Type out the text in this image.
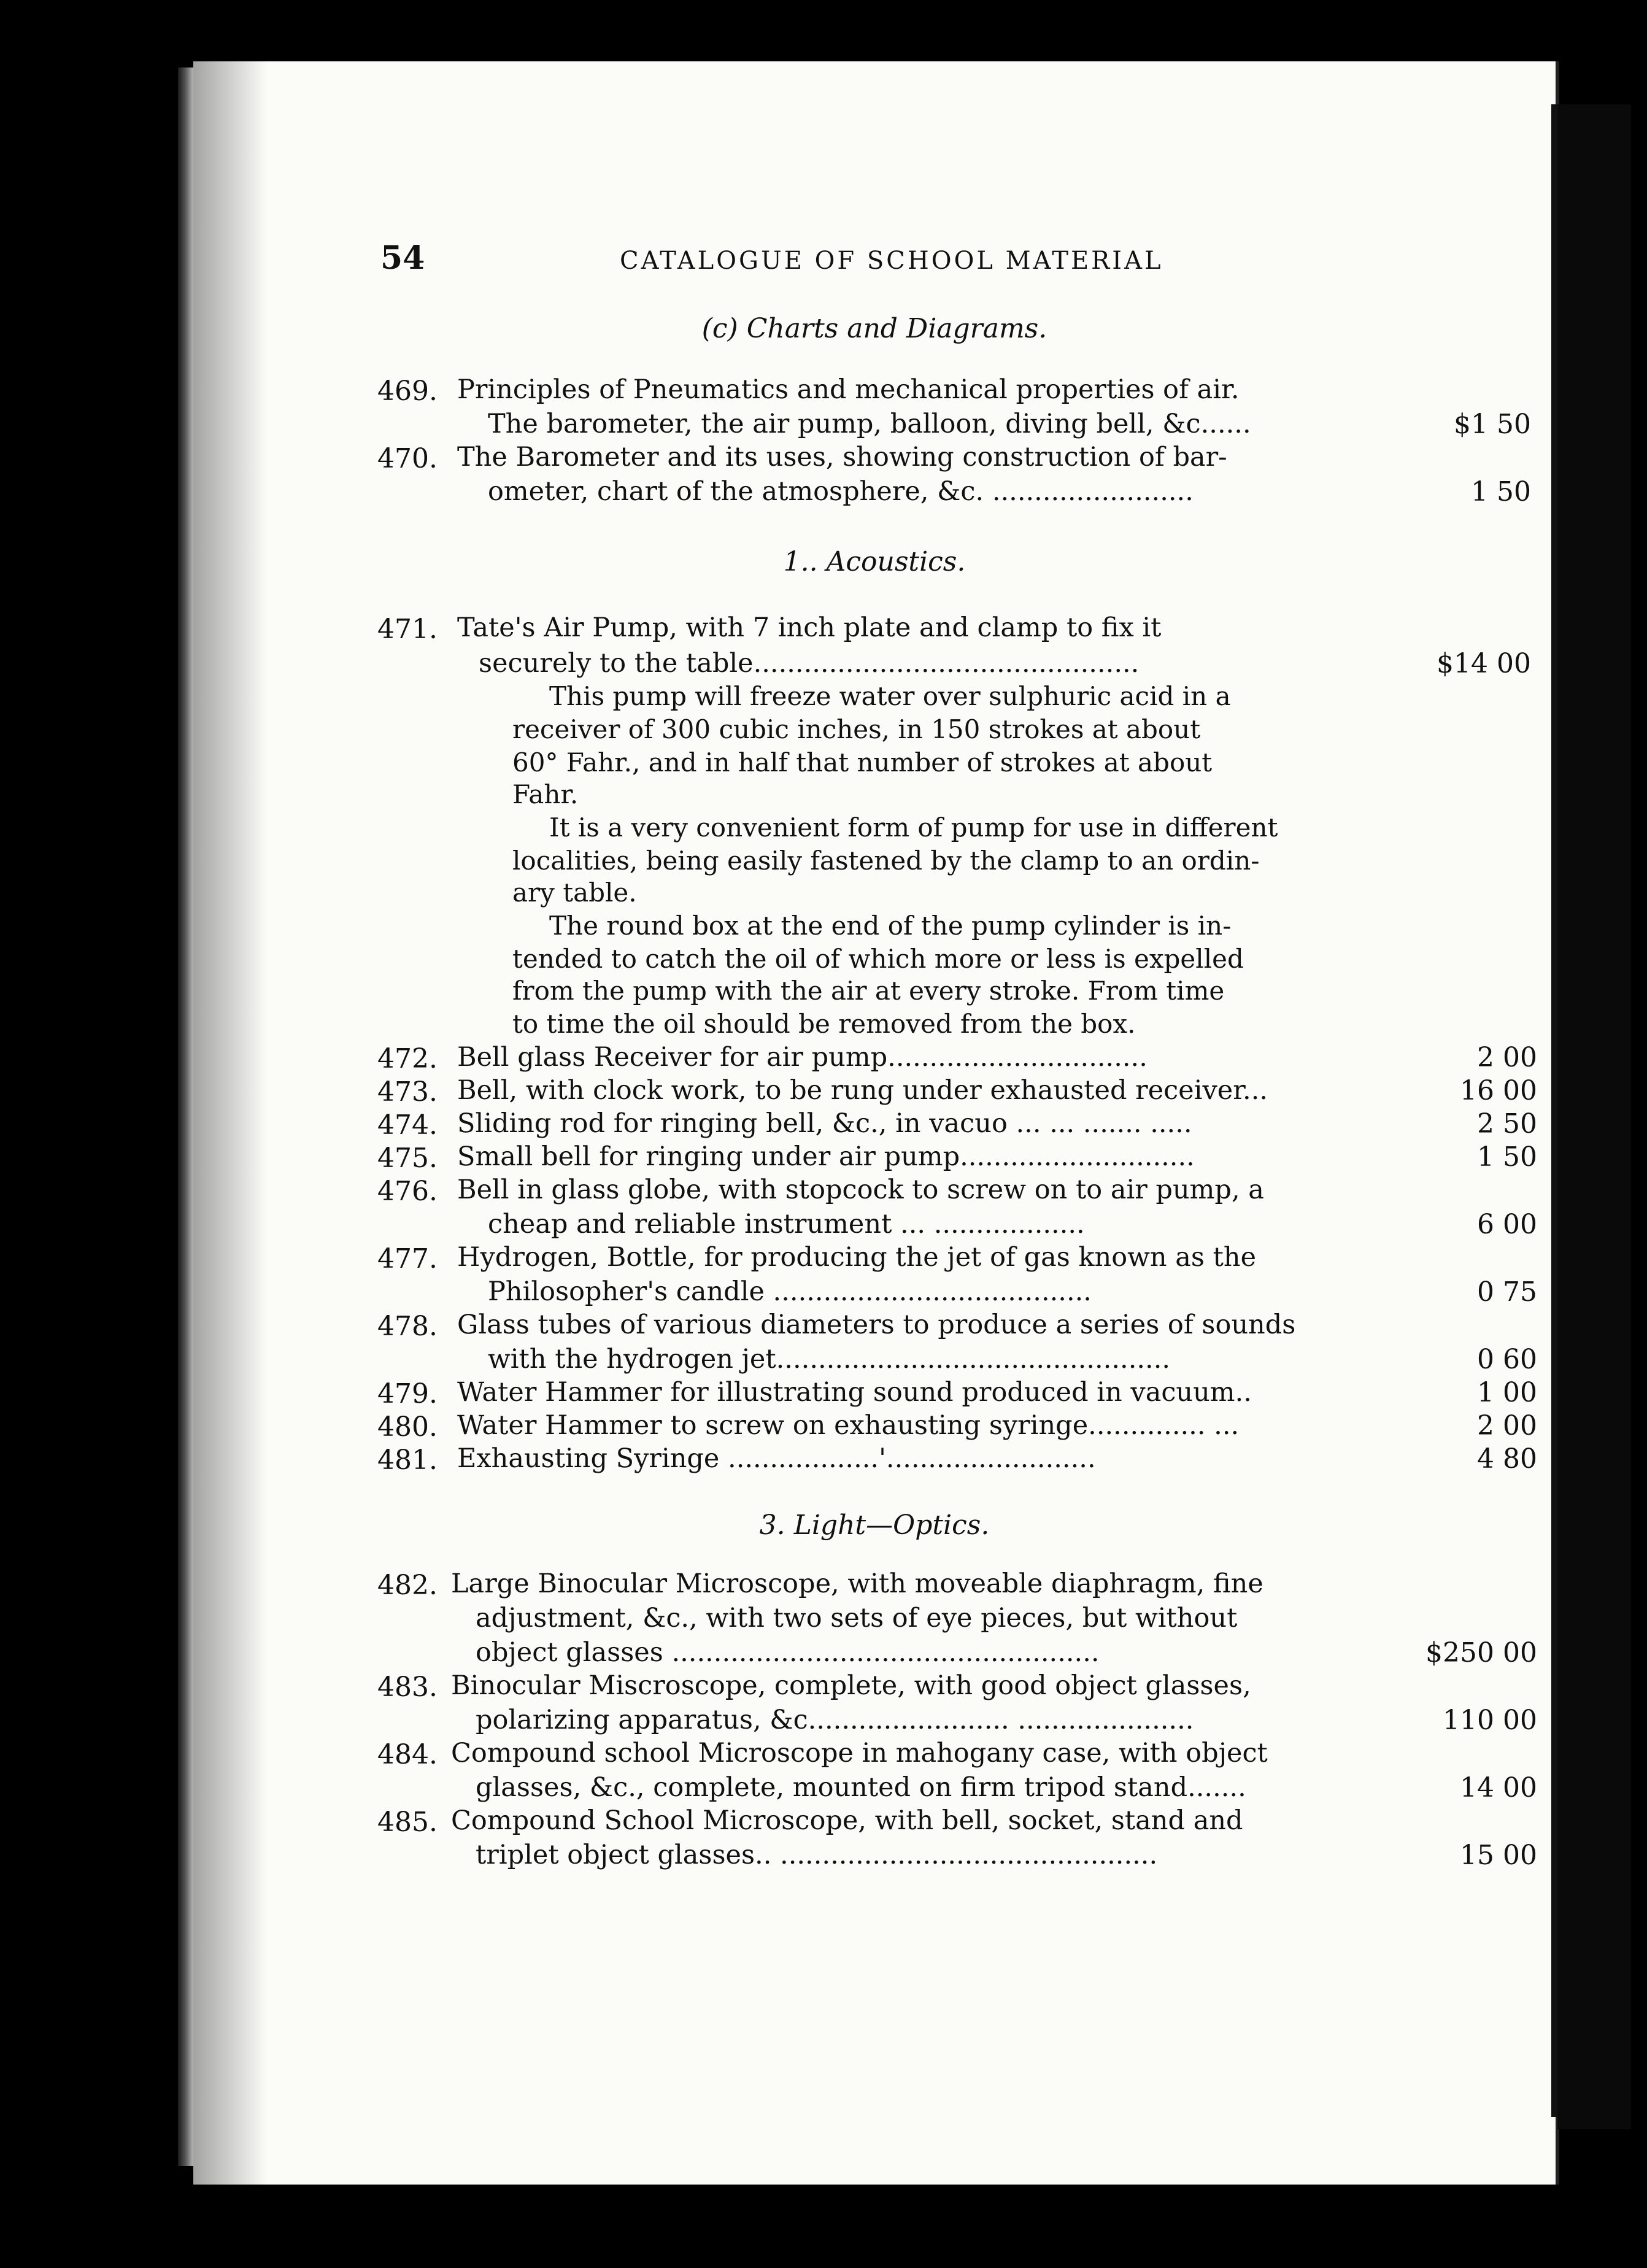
54	CATALOGUE OF SCHOOL MATERIAL
(c) Charts and Diagrams.
469. Principles of Pneumatics and mechanical properties of air.
The barometer, the air pump, balloon, diving bell, &c......	$1 50
470. The Barometer and its uses, showing construction of bar-
ometer, chart of the atmosphere, &c. ........................	1 50
1.. Acoustics.
471. Tate's Air Pump, with 7 inch plate and clamp to fix it
securely to the table..............................................	$14 00
This pump will freeze water over sulphuric acid in a
receiver of 300 cubic inches, in 150 strokes at about
60° Fahr., and in half that number of strokes at about
Fahr.
It is a very convenient form of pump for use in different
localities, being easily fastened by the clamp to an ordin-
ary table.
The round box at the end of the pump cylinder is in-
tended to catch the oil of which more or less is expelled
from the pump with the air at every stroke. From time
to time the oil should be removed from the box.
472. Bell glass Receiver for air pump...............................	2 00
473. Bell, with clock work, to be rung under exhausted receiver...	16 00
474. Sliding rod for ringing bell, &c., in vacuo ... ... ....... .....	2 50
475. Small bell for ringing under air pump............................	1 50
476. Bell in glass globe, with stopcock to screw on to air pump, a
cheap and reliable instrument ... ..................	6 00
477. Hydrogen, Bottle, for producing the jet of gas known as the
Philosopher's candle ......................................	0 75
478. Glass tubes of various diameters to produce a series of sounds
with the hydrogen jet...............................................	0 60
479. Water Hammer for illustrating sound produced in vacuum..	1 00
480. Water Hammer to screw on exhausting syringe.............. ...	2 00
481. Exhausting Syringe ..................'.........................	4 80
3. Light—Optics.
482. Large Binocular Microscope, with moveable diaphragm, fine
adjustment, &c., with two sets of eye pieces, but without
object glasses ...................................................	$250 00
483. Binocular Miscroscope, complete, with good object glasses,
polarizing apparatus, &c........................ .....................	110 00
484. Compound school Microscope in mahogany case, with object
glasses, &c., complete, mounted on firm tripod stand.......	14 00
485. Compound School Microscope, with bell, socket, stand and
triplet object glasses.. .............................................	15 00
